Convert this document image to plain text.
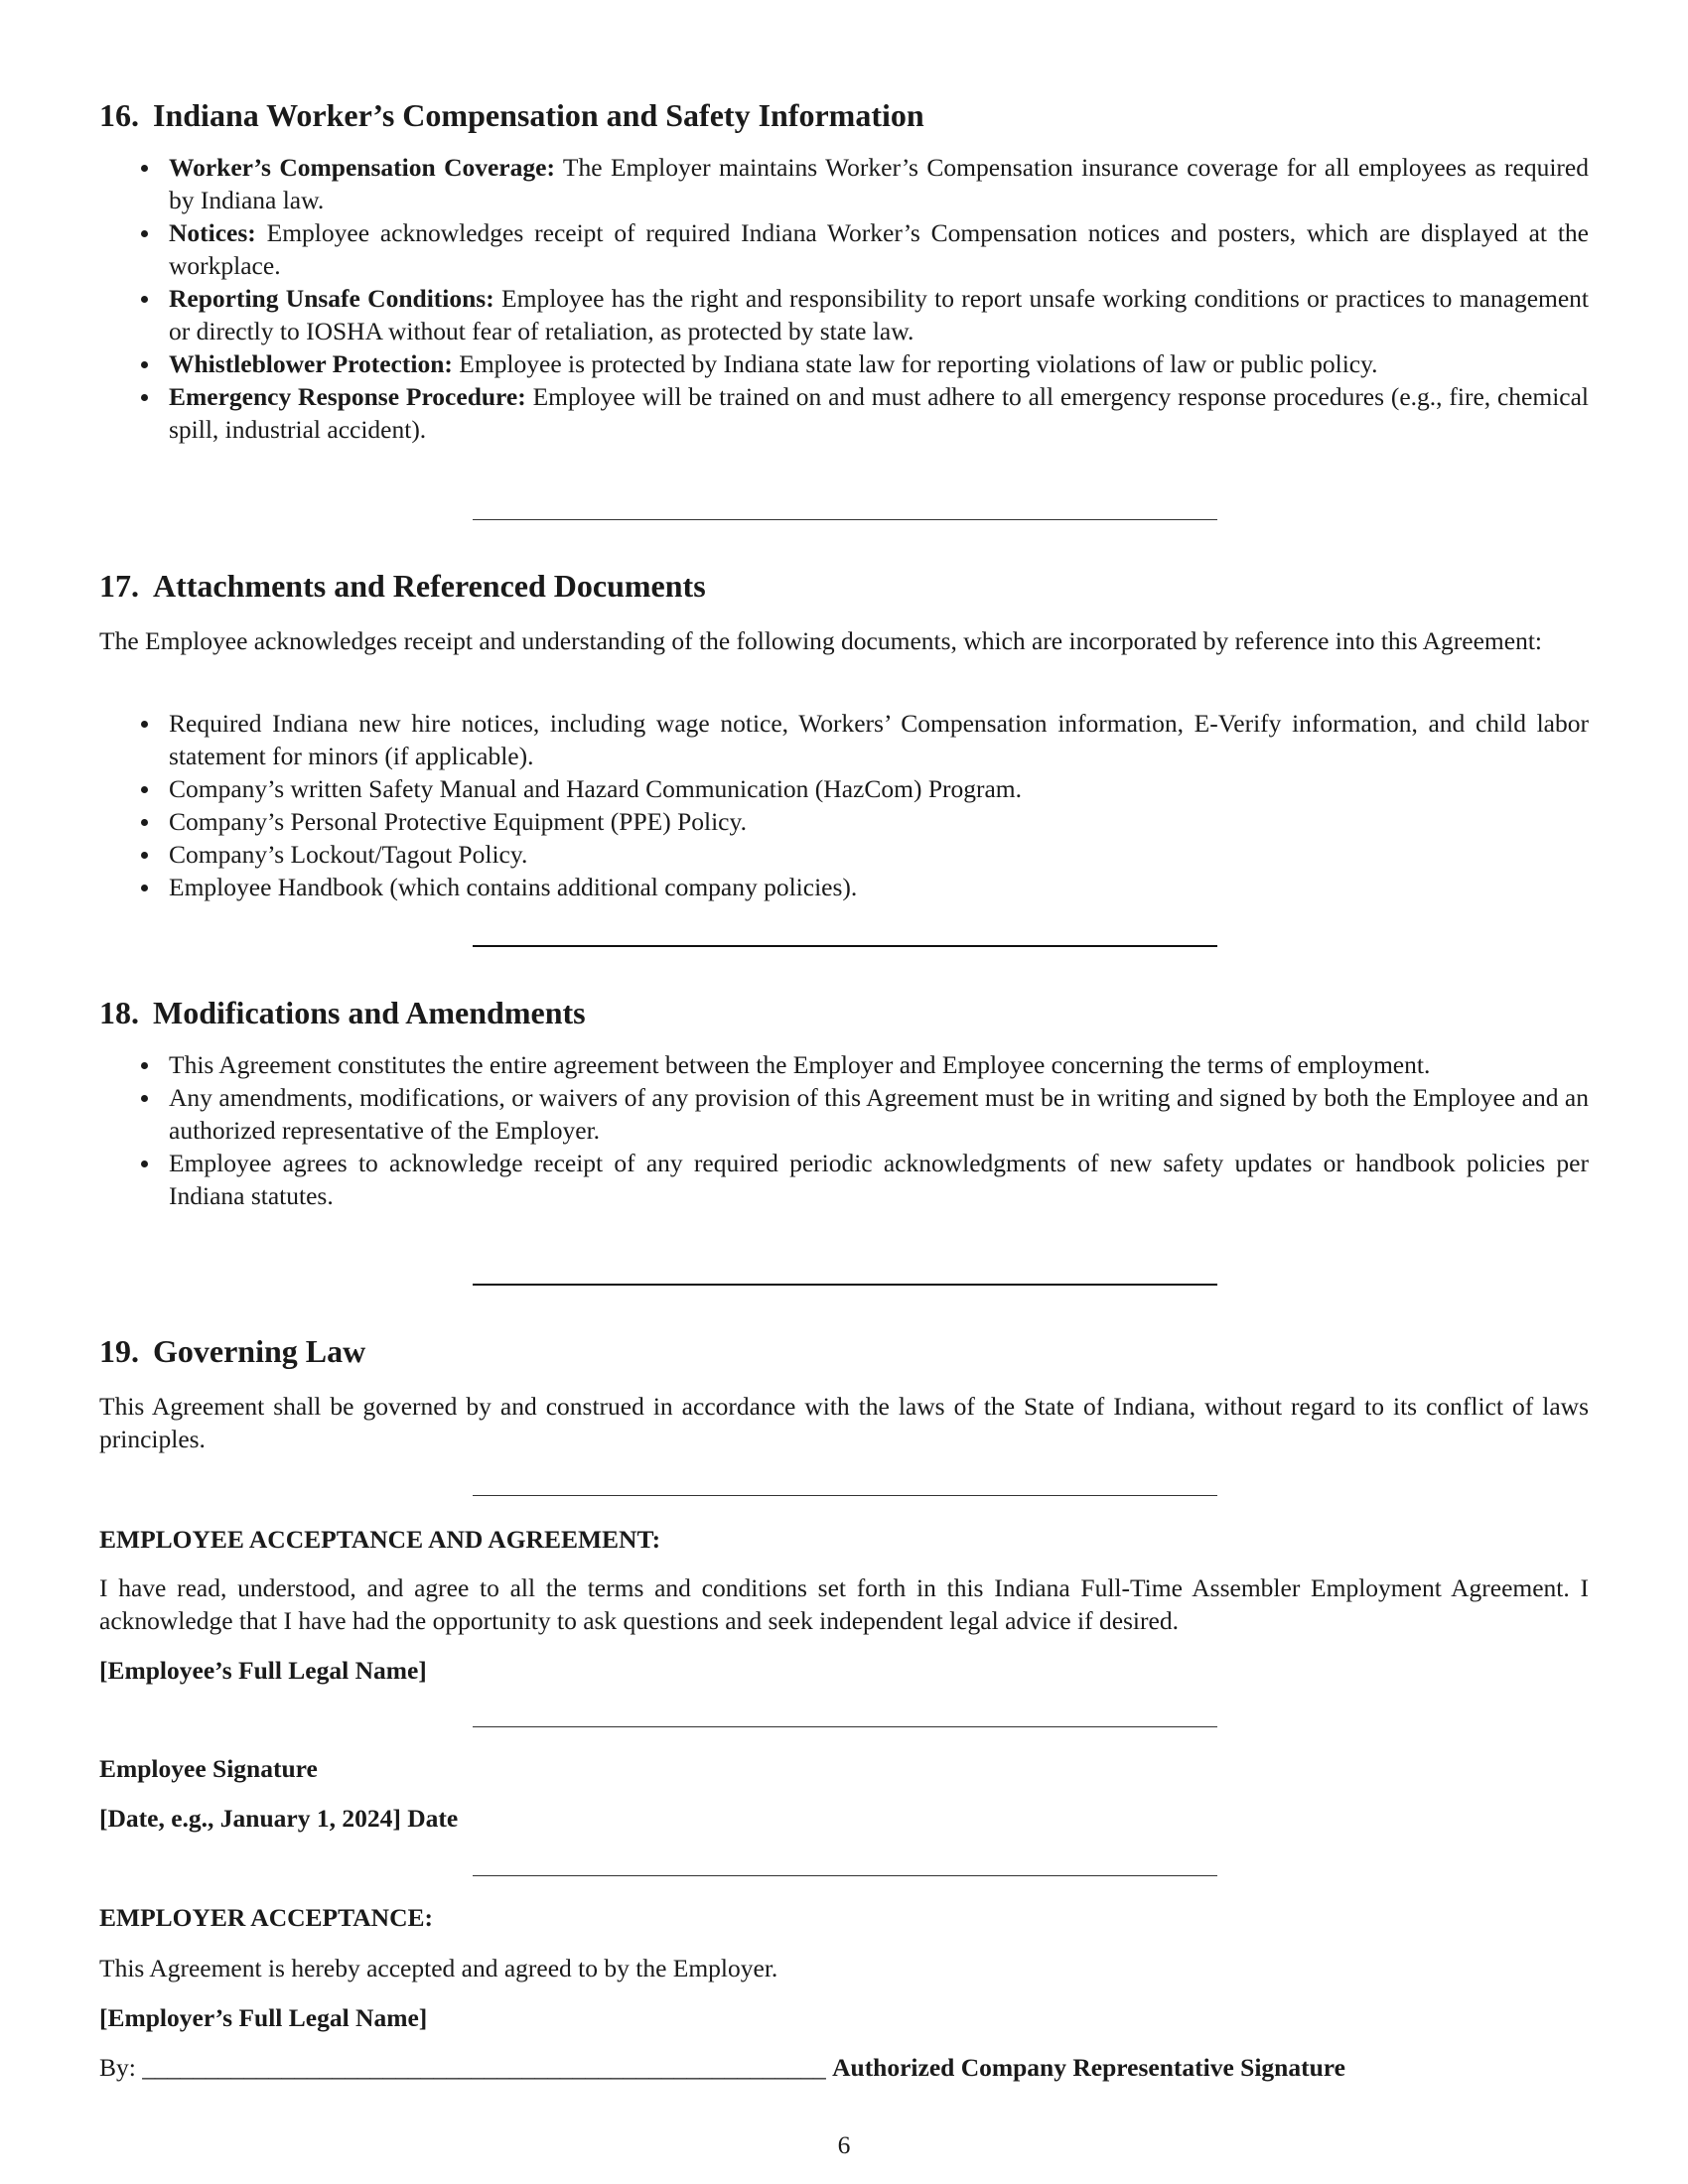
16. Indiana Worker’s Compensation and Safety Information
Worker’s Compensation Coverage: The Employer maintains Worker’s Compensation insurance coverage for all employees as required by Indiana law.
Notices: Employee acknowledges receipt of required Indiana Worker’s Compensation notices and posters, which are displayed at the workplace.
Reporting Unsafe Conditions: Employee has the right and responsibility to report unsafe working conditions or practices to management or directly to IOSHA without fear of retaliation, as protected by state law.
Whistleblower Protection: Employee is protected by Indiana state law for reporting violations of law or public policy.
Emergency Response Procedure: Employee will be trained on and must adhere to all emergency response procedures (e.g., fire, chemical spill, industrial accident).
17. Attachments and Referenced Documents

The Employee acknowledges receipt and understanding of the following documents, which are incorporated by reference into this Agreement:

Required Indiana new hire notices, including wage notice, Workers’ Compensation information, E-Verify information, and child labor statement for minors (if applicable).
Company’s written Safety Manual and Hazard Communication (HazCom) Program.
Company’s Personal Protective Equipment (PPE) Policy.
Company’s Lockout/Tagout Policy.
Employee Handbook (which contains additional company policies).
18. Modifications and Amendments
This Agreement constitutes the entire agreement between the Employer and Employee concerning the terms of employment.
Any amendments, modifications, or waivers of any provision of this Agreement must be in writing and signed by both the Employee and an authorized representative of the Employer.
Employee agrees to acknowledge receipt of any required periodic acknowledgments of new safety updates or handbook policies per Indiana statutes.
19. Governing Law

This Agreement shall be governed by and construed in accordance with the laws of the State of Indiana, without regard to its conflict of laws principles.

EMPLOYEE ACCEPTANCE AND AGREEMENT:

I have read, understood, and agree to all the terms and conditions set forth in this Indiana Full-Time Assembler Employment Agreement. I acknowledge that I have had the opportunity to ask questions and seek independent legal advice if desired.

[Employee’s Full Legal Name]

Employee Signature

[Date, e.g., January 1, 2024] Date

EMPLOYER ACCEPTANCE:

This Agreement is hereby accepted and agreed to by the Employer.

[Employer’s Full Legal Name]

By: ______________________________________________________ Authorized Company Representative Signature

6
